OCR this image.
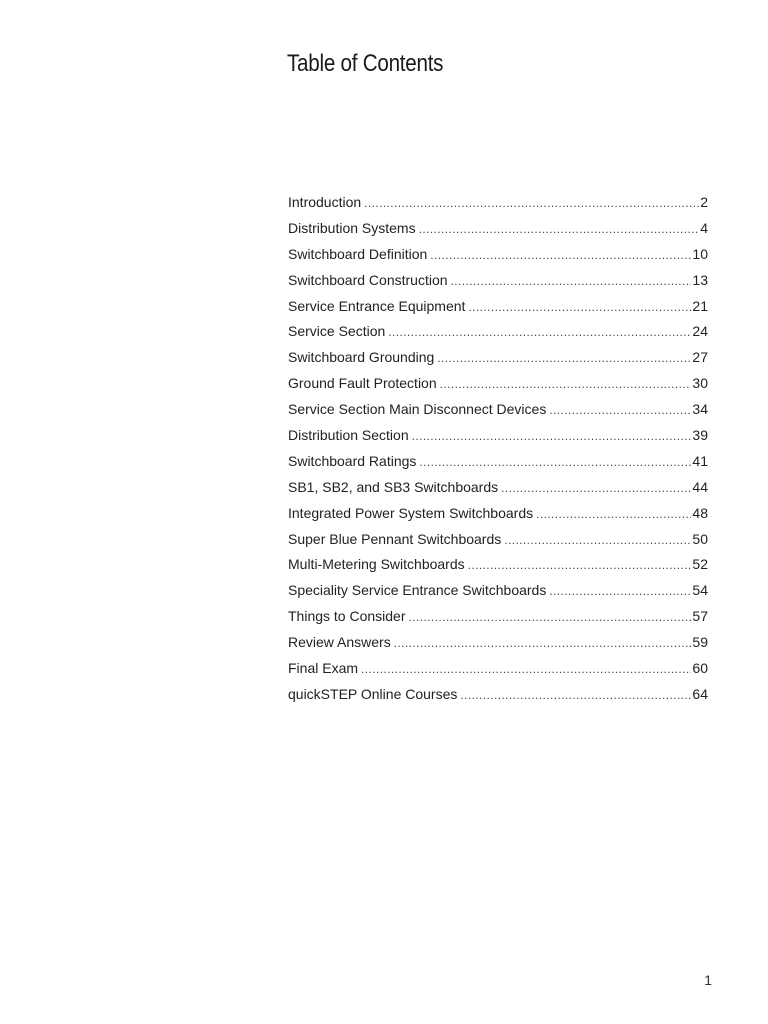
Table of Contents
Introduction .....	2
Distribution Systems .....	4
Switchboard Definition .....	10
Switchboard Construction .....	13
Service Entrance Equipment .....	21
Service Section .....	24
Switchboard Grounding .....	27
Ground Fault Protection .....	30
Service Section Main Disconnect Devices .....	34
Distribution Section .....	39
Switchboard Ratings .....	41
SB1, SB2, and SB3 Switchboards .....	44
Integrated Power System Switchboards .....	48
Super Blue Pennant Switchboards .....	50
Multi-Metering Switchboards .....	52
Speciality Service Entrance Switchboards .....	54
Things to Consider .....	57
Review Answers .....	59
Final Exam .....	60
quickSTEP Online Courses .....	64
1
